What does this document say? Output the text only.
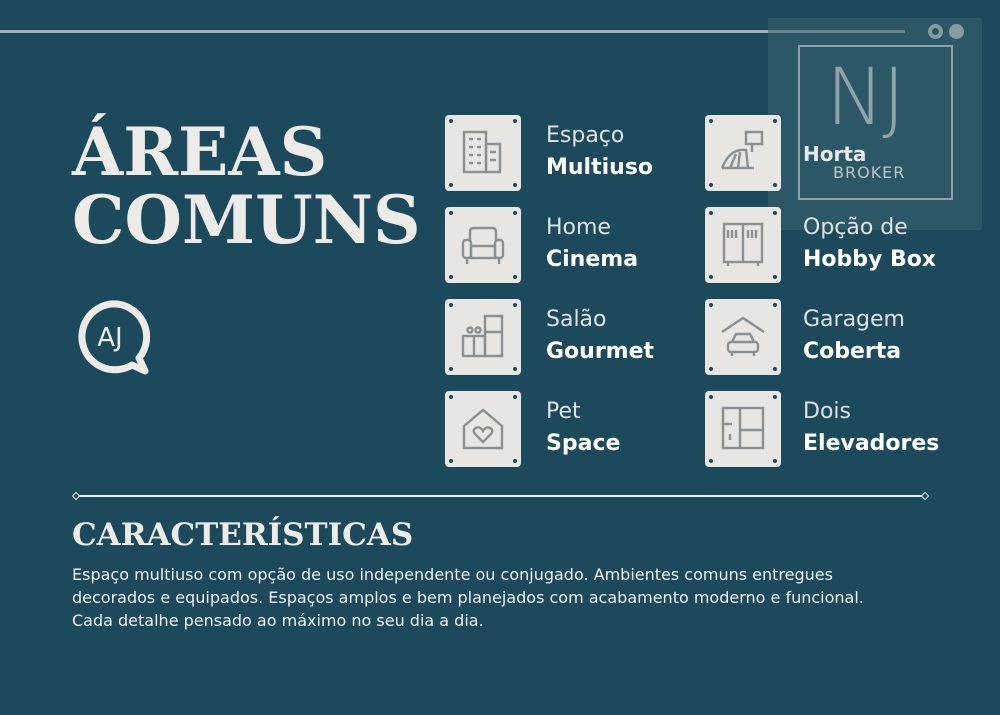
ÁREAS
COMUNS
AJ
NJ
Horta
BROKER
Espaço
Multiuso
Home
Cinema
Opção de
Hobby Box
Salão
Gourmet
Garagem
Coberta
Pet
Space
Dois
Elevadores
CARACTERÍSTICAS

Espaço multiuso com opção de uso independente ou conjugado. Ambientes comuns entregues
decorados e equipados. Espaços amplos e bem planejados com acabamento moderno e funcional.
Cada detalhe pensado ao máximo no seu dia a dia.
